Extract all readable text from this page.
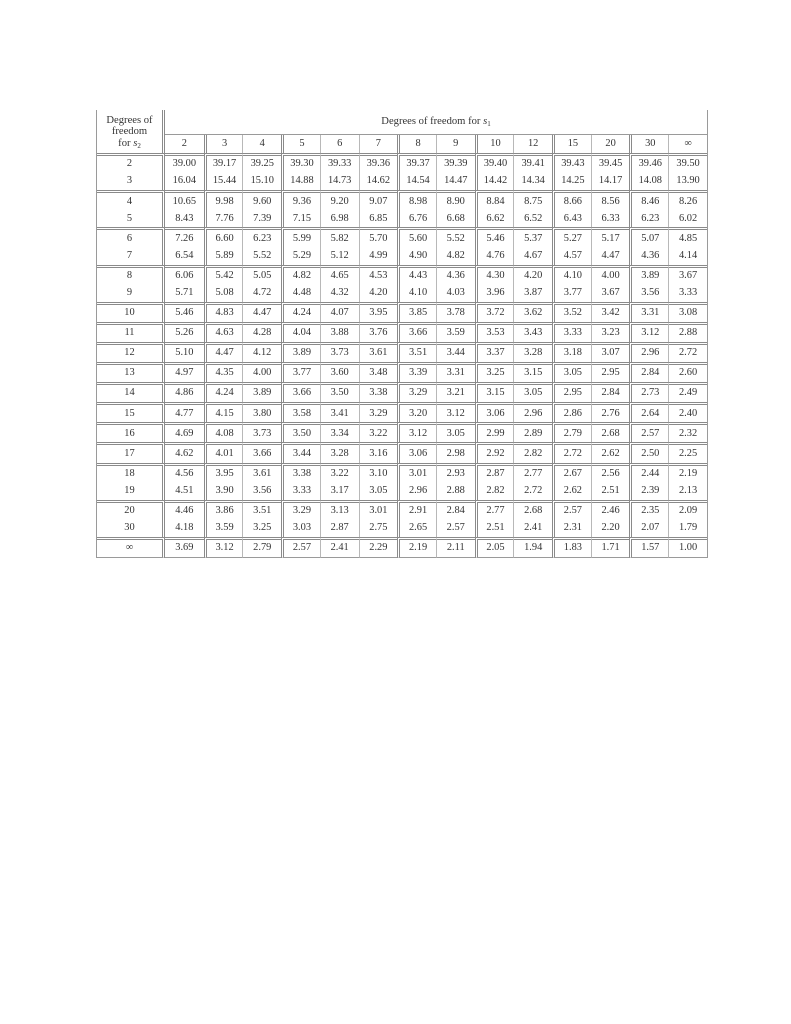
Degrees of
freedom
for $s_2$	Degrees of freedom for $s_1$
	2	3	4	5	6	7	8	9	10	12	15	20	30	∞
2	39.00	39.17	39.25	39.30	39.33	39.36	39.37	39.39	39.40	39.41	39.43	39.45	39.46	39.50
3	16.04	15.44	15.10	14.88	14.73	14.62	14.54	14.47	14.42	14.34	14.25	14.17	14.08	13.90
4	10.65	9.98	9.60	9.36	9.20	9.07	8.98	8.90	8.84	8.75	8.66	8.56	8.46	8.26
5	8.43	7.76	7.39	7.15	6.98	6.85	6.76	6.68	6.62	6.52	6.43	6.33	6.23	6.02
6	7.26	6.60	6.23	5.99	5.82	5.70	5.60	5.52	5.46	5.37	5.27	5.17	5.07	4.85
7	6.54	5.89	5.52	5.29	5.12	4.99	4.90	4.82	4.76	4.67	4.57	4.47	4.36	4.14
8	6.06	5.42	5.05	4.82	4.65	4.53	4.43	4.36	4.30	4.20	4.10	4.00	3.89	3.67
9	5.71	5.08	4.72	4.48	4.32	4.20	4.10	4.03	3.96	3.87	3.77	3.67	3.56	3.33
10	5.46	4.83	4.47	4.24	4.07	3.95	3.85	3.78	3.72	3.62	3.52	3.42	3.31	3.08
11	5.26	4.63	4.28	4.04	3.88	3.76	3.66	3.59	3.53	3.43	3.33	3.23	3.12	2.88
12	5.10	4.47	4.12	3.89	3.73	3.61	3.51	3.44	3.37	3.28	3.18	3.07	2.96	2.72
13	4.97	4.35	4.00	3.77	3.60	3.48	3.39	3.31	3.25	3.15	3.05	2.95	2.84	2.60
14	4.86	4.24	3.89	3.66	3.50	3.38	3.29	3.21	3.15	3.05	2.95	2.84	2.73	2.49
15	4.77	4.15	3.80	3.58	3.41	3.29	3.20	3.12	3.06	2.96	2.86	2.76	2.64	2.40
16	4.69	4.08	3.73	3.50	3.34	3.22	3.12	3.05	2.99	2.89	2.79	2.68	2.57	2.32
17	4.62	4.01	3.66	3.44	3.28	3.16	3.06	2.98	2.92	2.82	2.72	2.62	2.50	2.25
18	4.56	3.95	3.61	3.38	3.22	3.10	3.01	2.93	2.87	2.77	2.67	2.56	2.44	2.19
19	4.51	3.90	3.56	3.33	3.17	3.05	2.96	2.88	2.82	2.72	2.62	2.51	2.39	2.13
20	4.46	3.86	3.51	3.29	3.13	3.01	2.91	2.84	2.77	2.68	2.57	2.46	2.35	2.09
30	4.18	3.59	3.25	3.03	2.87	2.75	2.65	2.57	2.51	2.41	2.31	2.20	2.07	1.79
∞	3.69	3.12	2.79	2.57	2.41	2.29	2.19	2.11	2.05	1.94	1.83	1.71	1.57	1.00
